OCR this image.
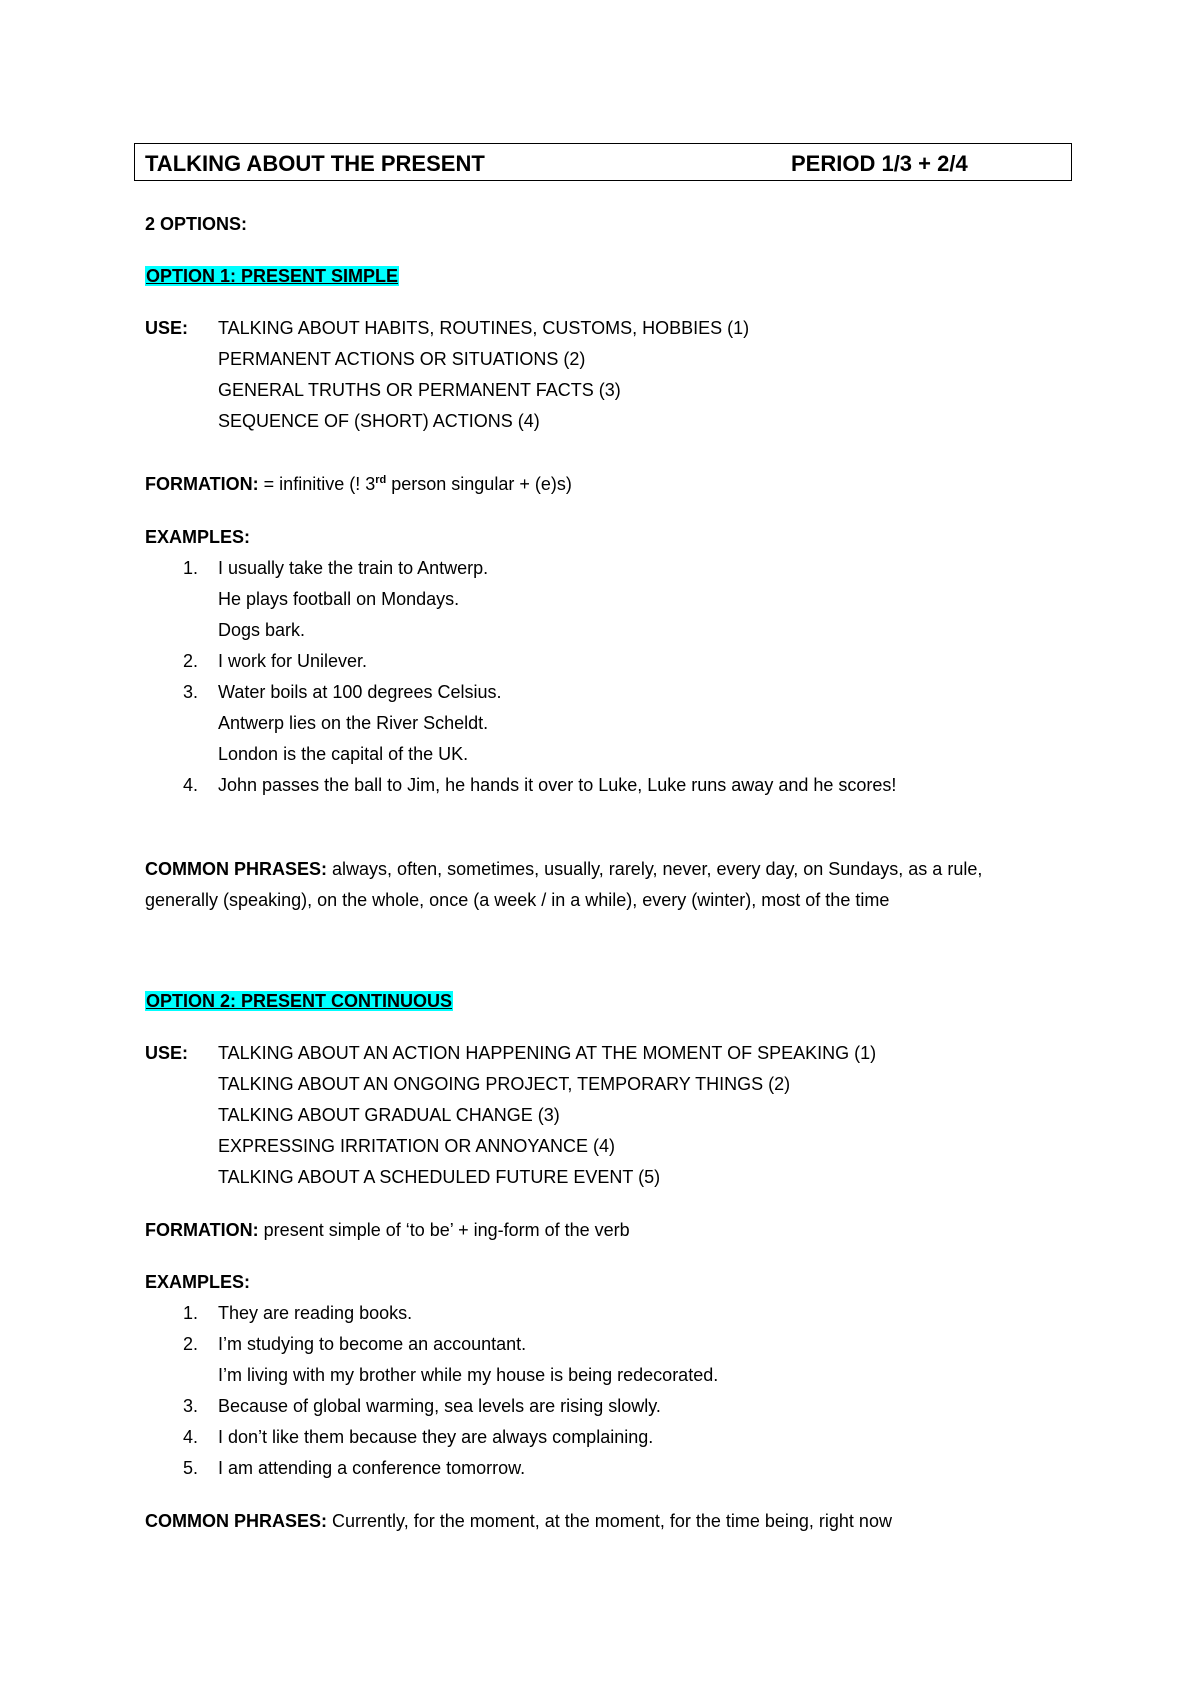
TALKING ABOUT THE PRESENT	PERIOD 1/3 + 2/4
2 OPTIONS:
OPTION 1: PRESENT SIMPLE
USE: TALKING ABOUT HABITS, ROUTINES, CUSTOMS, HOBBIES (1)
PERMANENT ACTIONS OR SITUATIONS (2)
GENERAL TRUTHS OR PERMANENT FACTS (3)
SEQUENCE OF (SHORT) ACTIONS (4)
FORMATION: = infinitive (! 3rd person singular + (e)s)
EXAMPLES:
1. I usually take the train to Antwerp.
He plays football on Mondays.
Dogs bark.
2. I work for Unilever.
3. Water boils at 100 degrees Celsius.
Antwerp lies on the River Scheldt.
London is the capital of the UK.
4. John passes the ball to Jim, he hands it over to Luke, Luke runs away and he scores!
COMMON PHRASES: always, often, sometimes, usually, rarely, never, every day, on Sundays, as a rule,
generally (speaking), on the whole, once (a week / in a while), every (winter), most of the time
OPTION 2: PRESENT CONTINUOUS
USE: TALKING ABOUT AN ACTION HAPPENING AT THE MOMENT OF SPEAKING (1)
TALKING ABOUT AN ONGOING PROJECT, TEMPORARY THINGS (2)
TALKING ABOUT GRADUAL CHANGE (3)
EXPRESSING IRRITATION OR ANNOYANCE (4)
TALKING ABOUT A SCHEDULED FUTURE EVENT (5)
FORMATION: present simple of ‘to be’ + ing-form of the verb
EXAMPLES:
1. They are reading books.
2. I’m studying to become an accountant.
I’m living with my brother while my house is being redecorated.
3. Because of global warming, sea levels are rising slowly.
4. I don’t like them because they are always complaining.
5. I am attending a conference tomorrow.
COMMON PHRASES: Currently, for the moment, at the moment, for the time being, right now
